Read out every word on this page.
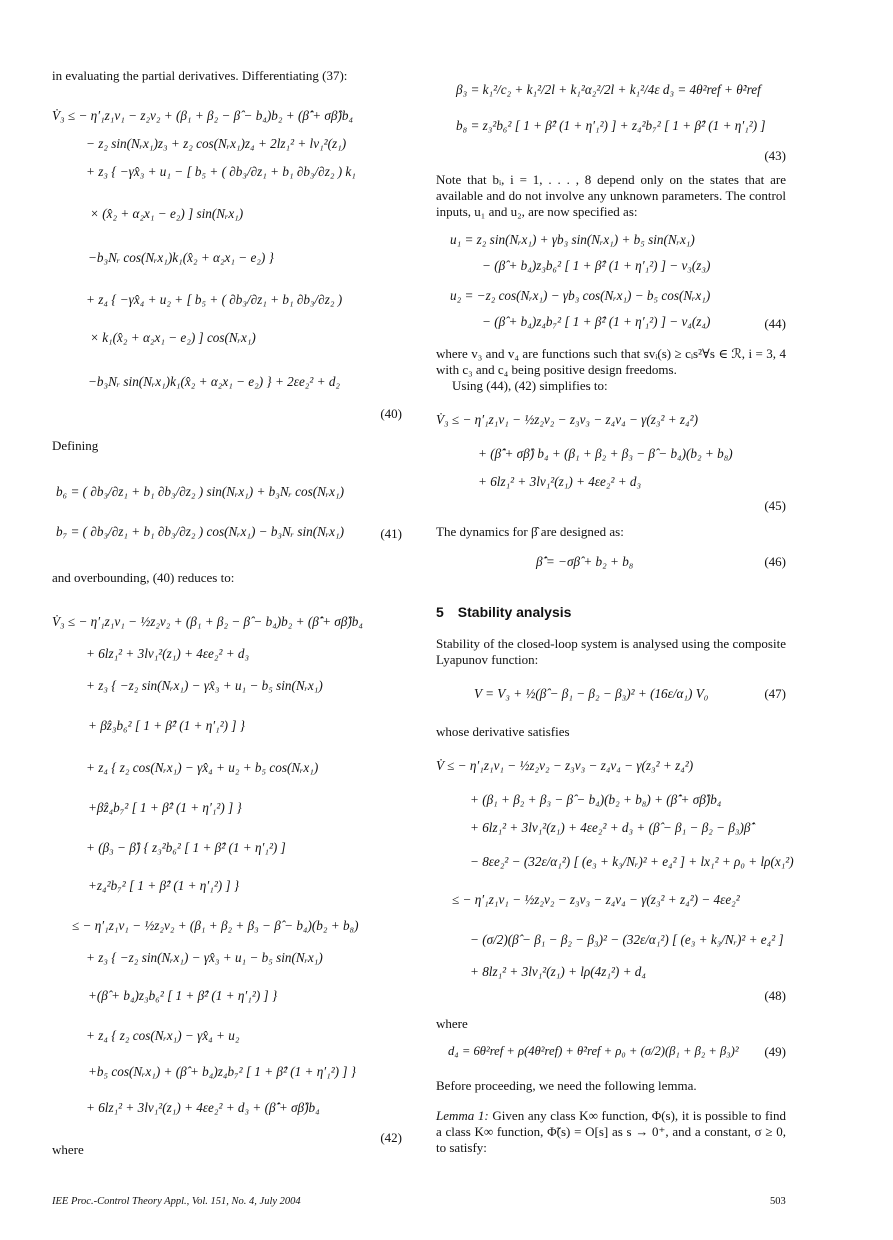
in evaluating the partial derivatives. Differentiating (37):

V̇₃ ≤ − η′₁z₁v₁ − z₂v₂ + (β₁ + β₂ − β̂ − b₄)b₂ + (β̂̇ + σβ̂)b₄
− z₂ sin(Nᵣx₁)z₃ + z₂ cos(Nᵣx₁)z₄ + 2lz₁² + lv₁²(z₁)
+ z₃ { −γx̂₃ + u₁ − [ b₅ + ( ∂b₃/∂z₁ + b₁ ∂b₃/∂z₂ ) k₁
× (x̂₂ + α₂x₁ − e₂) ] sin(Nᵣx₁)
−b₃Nᵣ cos(Nᵣx₁)k₁(x̂₂ + α₂x₁ − e₂) }
+ z₄ { −γx̂₄ + u₂ + [ b₅ + ( ∂b₃/∂z₁ + b₁ ∂b₃/∂z₂ )
× k₁(x̂₂ + α₂x₁ − e₂) ] cos(Nᵣx₁)
−b₃Nᵣ sin(Nᵣx₁)k₁(x̂₂ + α₂x₁ − e₂) } + 2εe₂² + d₂
(40)

Defining

b₆ = ( ∂b₃/∂z₁ + b₁ ∂b₃/∂z₂ ) sin(Nᵣx₁) + b₃Nᵣ cos(Nᵣx₁)
b₇ = ( ∂b₃/∂z₁ + b₁ ∂b₃/∂z₂ ) cos(Nᵣx₁) − b₃Nᵣ sin(Nᵣx₁)	(41)

and overbounding, (40) reduces to:

V̇₃ ≤ − η′₁z₁v₁ − ½z₂v₂ + (β₁ + β₂ − β̂ − b₄)b₂ + (β̂̇ + σβ̂)b₄
+ 6lz₁² + 3lv₁²(z₁) + 4εe₂² + d₃
+ z₃ { −z₂ sin(Nᵣx₁) − γx̂₃ + u₁ − b₅ sin(Nᵣx₁)
+ β̂z₃b₆² [ 1 + β̂² (1 + η′₁²) ] }
+ z₄ { z₂ cos(Nᵣx₁) − γx̂₄ + u₂ + b₅ cos(Nᵣx₁)
+β̂z₄b₇² [ 1 + β̂² (1 + η′₁²) ] }
+ (β₃ − β̂) { z₃²b₆² [ 1 + β̂² (1 + η′₁²) ]
+z₄²b₇² [ 1 + β̂² (1 + η′₁²) ] }
≤ − η′₁z₁v₁ − ½z₂v₂ + (β₁ + β₂ + β₃ − β̂ − b₄)(b₂ + b₈)
+ z₃ { −z₂ sin(Nᵣx₁) − γx̂₃ + u₁ − b₅ sin(Nᵣx₁)
+(β̂ + b₄)z₃b₆² [ 1 + β̂² (1 + η′₁²) ] }
+ z₄ { z₂ cos(Nᵣx₁) − γx̂₄ + u₂
+b₅ cos(Nᵣx₁) + (β̂ + b₄)z₄b₇² [ 1 + β̂² (1 + η′₁²) ] }
+ 6lz₁² + 3lv₁²(z₁) + 4εe₂² + d₃ + (β̂̇ + σβ̂)b₄
(42)

where

β₃ = k₁²/c₂ + k₁²/2l + k₁²α₂²/2l + k₁²/4ε d₃ = 4θ²ref + θ̇²ref
b₈ = z₃²b₆² [ 1 + β̂² (1 + η′₁²) ] + z₄²b₇² [ 1 + β̂² (1 + η′₁²) ]
(43)

Note that bᵢ, i = 1, . . . , 8 depend only on the states that are available and do not involve any unknown parameters. The control inputs, u₁ and u₂, are now specified as:

u₁ = z₂ sin(Nᵣx₁) + γb₃ sin(Nᵣx₁) + b₅ sin(Nᵣx₁)
− (β̂ + b₄)z₃b₆² [ 1 + β̂² (1 + η′₁²) ] − v₃(z₃)
u₂ = −z₂ cos(Nᵣx₁) − γb₃ cos(Nᵣx₁) − b₅ cos(Nᵣx₁)
− (β̂ + b₄)z₄b₇² [ 1 + β̂² (1 + η′₁²) ] − v₄(z₄)	(44)

where v₃ and v₄ are functions such that svᵢ(s) ≥ cᵢs²∀s ∈ ℛ, i = 3, 4 with c₃ and c₄ being positive design freedoms.

Using (44), (42) simplifies to:

V̇₃ ≤ − η′₁z₁v₁ − ½z₂v₂ − z₃v₃ − z₄v₄ − γ(z₃² + z₄²)
+ (β̂̇ + σβ̂) b₄ + (β₁ + β₂ + β₃ − β̂ − b₄)(b₂ + b₈)
+ 6lz₁² + 3lv₁²(z₁) + 4εe₂² + d₃
(45)

The dynamics for β̂ are designed as:

β̂̇ = −σβ̂ + b₂ + b₈	(46)
5 Stability analysis

Stability of the closed-loop system is analysed using the composite Lyapunov function:

V = V₃ + ½(β̂ − β₁ − β₂ − β₃)² + (16ε/α₁) V₀	(47)

whose derivative satisfies

V̇ ≤ − η′₁z₁v₁ − ½z₂v₂ − z₃v₃ − z₄v₄ − γ(z₃² + z₄²)
+ (β₁ + β₂ + β₃ − β̂ − b₄)(b₂ + b₈) + (β̂̇ + σβ̂)b₄
+ 6lz₁² + 3lv₁²(z₁) + 4εe₂² + d₃ + (β̂ − β₁ − β₂ − β₃)β̂̇
− 8εe₂² − (32ε/α₁²) [ (e₃ + k₃/Nᵣ)² + e₄² ] + lx₁² + ρ₀ + lρ(x₁²)
≤ − η′₁z₁v₁ − ½z₂v₂ − z₃v₃ − z₄v₄ − γ(z₃² + z₄²) − 4εe₂²
− (σ/2)(β̂ − β₁ − β₂ − β₃)² − (32ε/α₁²) [ (e₃ + k₃/Nᵣ)² + e₄² ]
+ 8lz₁² + 3lv₁²(z₁) + lρ(4z₁²) + d₄
(48)

where

d₄ = 6θ²ref + ρ(4θ²ref) + θ̇²ref + ρ₀ + (σ/2)(β₁ + β₂ + β₃)² (49)

Before proceeding, we need the following lemma.

Lemma 1: Given any class K∞ function, Φ(s), it is possible to find a class K∞ function, Φ̃(s) = O[s] as s → 0⁺, and a constant, σ ≥ 0, to satisfy:

IEE Proc.-Control Theory Appl., Vol. 151, No. 4, July 2004	503
